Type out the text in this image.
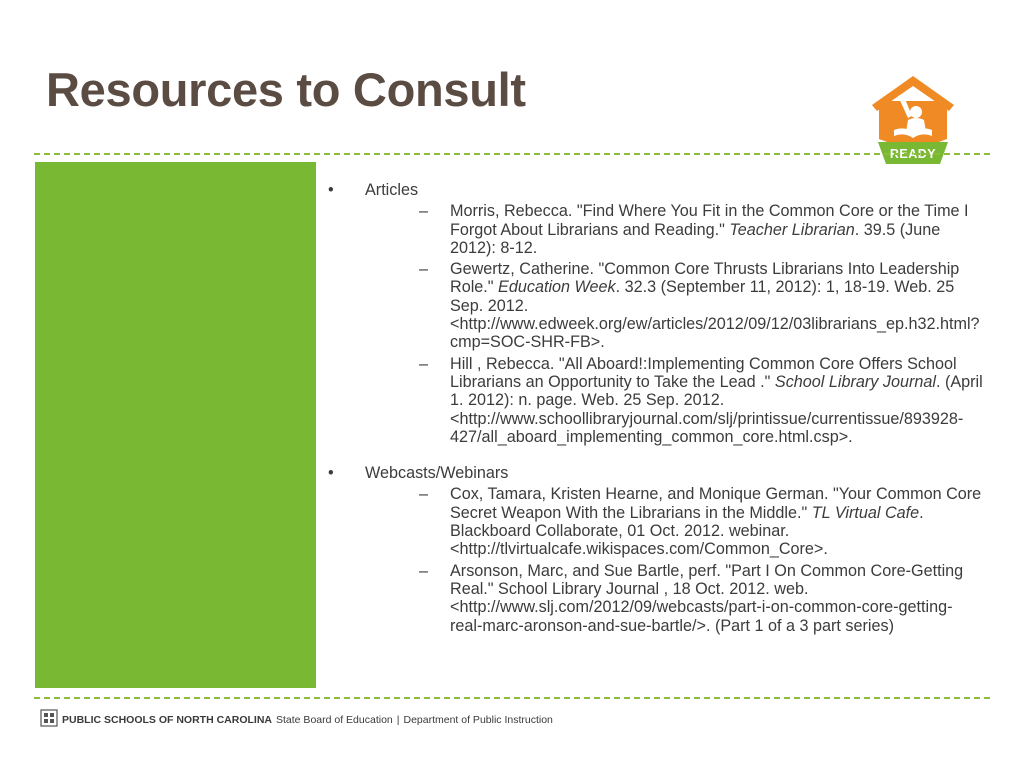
Resources to Consult
READY
• Articles
– Morris, Rebecca. "Find Where You Fit in the Common Core or the Time I Forgot About Librarians and Reading." Teacher Librarian. 39.5 (June 2012): 8-12.
– Gewertz, Catherine. "Common Core Thrusts Librarians Into Leadership Role." Education Week. 32.3 (September 11, 2012): 1, 18-19. Web. 25 Sep. 2012. <http://www.edweek.org/ew/articles/2012/09/12/03librarians_ep.h32.html?cmp=SOC-SHR-FB>.
– Hill , Rebecca. "All Aboard!:Implementing Common Core Offers School Librarians an Opportunity to Take the Lead ." School Library Journal. (April 1. 2012): n. page. Web. 25 Sep. 2012. <http://www.schoollibraryjournal.com/slj/printissue/currentissue/893928-427/all_aboard_implementing_common_core.html.csp>.
• Webcasts/Webinars
– Cox, Tamara, Kristen Hearne, and Monique German. "Your Common Core Secret Weapon With the Librarians in the Middle." TL Virtual Cafe. Blackboard Collaborate, 01 Oct. 2012. webinar. <http://tlvirtualcafe.wikispaces.com/Common_Core>.
– Arsonson, Marc, and Sue Bartle, perf. "Part I On Common Core-Getting Real." School Library Journal , 18 Oct. 2012. web. <http://www.slj.com/2012/09/webcasts/part-i-on-common-core-getting-real-marc-aronson-and-sue-bartle/>. (Part 1 of a 3 part series)
PUBLIC SCHOOLS OF NORTH CAROLINA State Board of Education | Department of Public Instruction
